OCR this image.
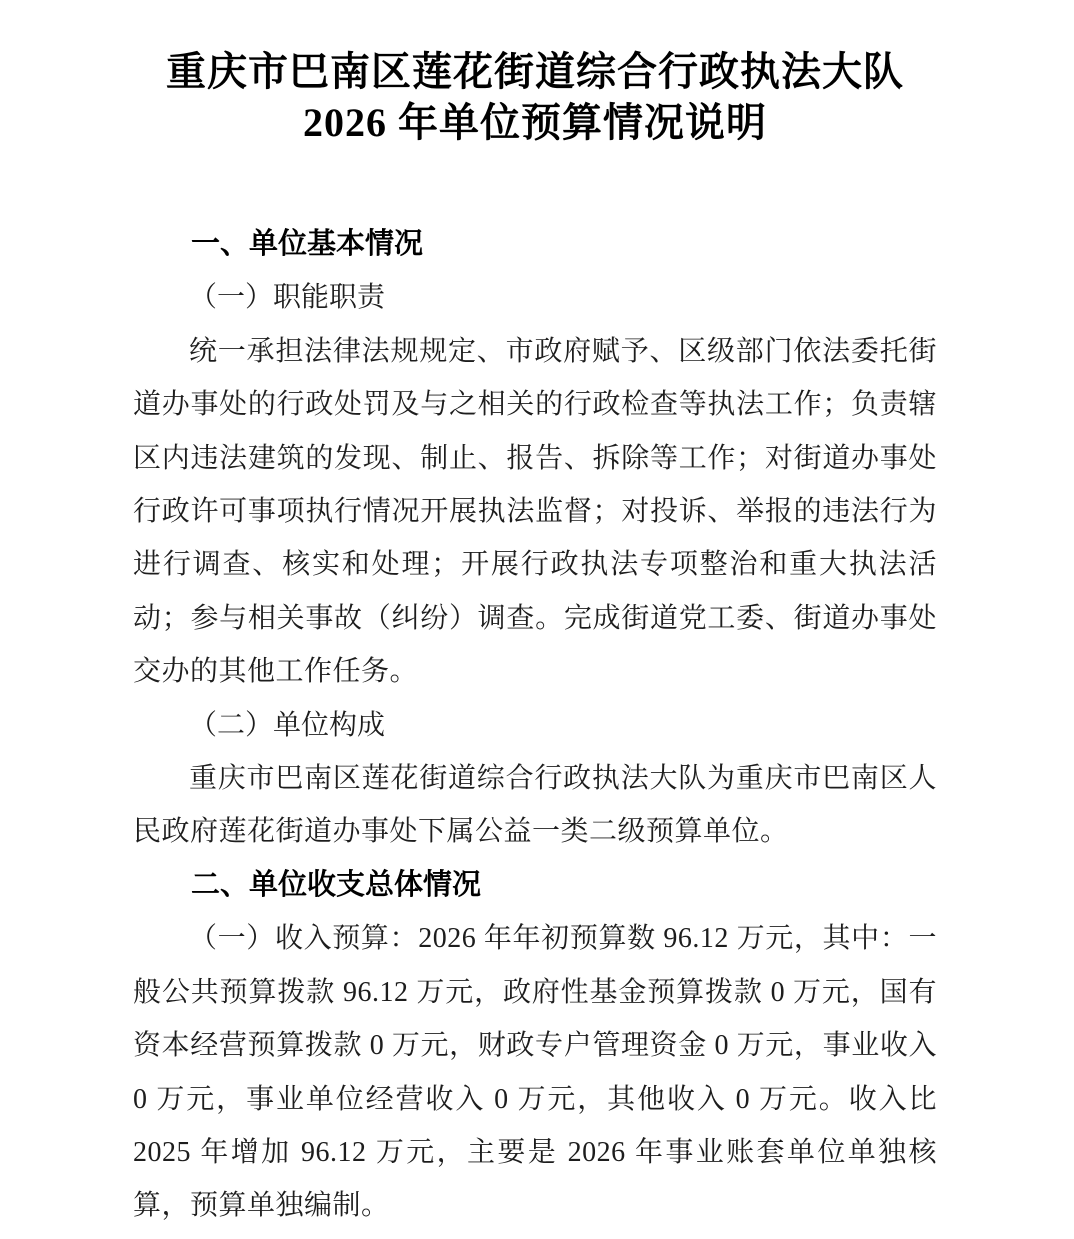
重庆市巴南区莲花街道综合行政执法大队
2026 年单位预算情况说明
一、单位基本情况
（一）职能职责
统一承担法律法规规定、市政府赋予、区级部门依法委托街道办事处的行政处罚及与之相关的行政检查等执法工作；负责辖区内违法建筑的发现、制止、报告、拆除等工作；对街道办事处行政许可事项执行情况开展执法监督；对投诉、举报的违法行为进行调查、核实和处理；开展行政执法专项整治和重大执法活动；参与相关事故（纠纷）调查。完成街道党工委、街道办事处交办的其他工作任务。
（二）单位构成
重庆市巴南区莲花街道综合行政执法大队为重庆市巴南区人民政府莲花街道办事处下属公益一类二级预算单位。
二、单位收支总体情况
（一）收入预算：2026 年年初预算数 96.12 万元，其中：一般公共预算拨款 96.12 万元，政府性基金预算拨款 0 万元，国有资本经营预算拨款 0 万元，财政专户管理资金 0 万元，事业收入 0 万元，事业单位经营收入 0 万元，其他收入 0 万元。收入比 2025 年增加 96.12 万元，主要是 2026 年事业账套单位单独核算，预算单独编制。
